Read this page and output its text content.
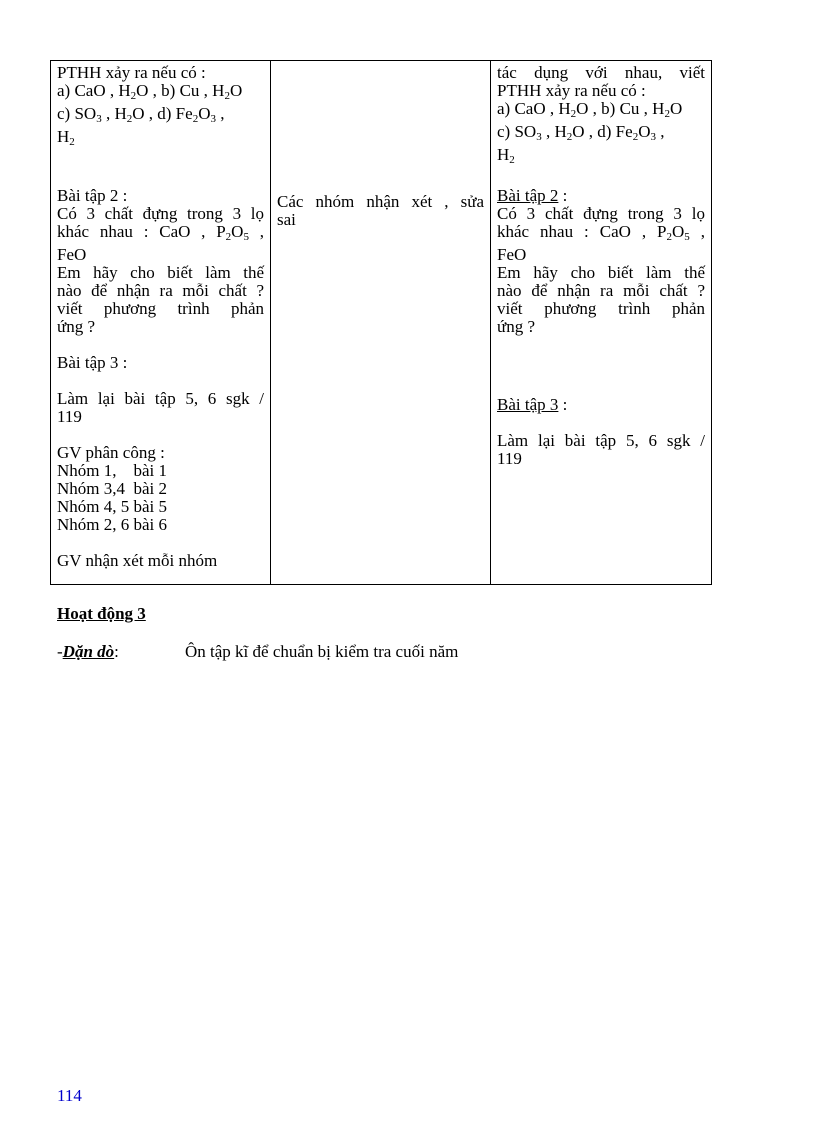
PTHH xảy ra nếu có :
a) CaO , $H_2O$ , b) Cu , $H_2O$
c) $SO_3$ , $H_2O$ , d) $Fe_2O_3$ ,
$H_2$
Bài tập 2 :
Có 3 chất đựng trong 3 lọ
khác nhau : CaO , $P_2O_5$ ,
FeO
Em hãy cho biết làm thế
nào để nhận ra mỗi chất ?
viết phương trình phản
ứng ?
Bài tập 3 :
Làm lại bài tập 5, 6 sgk /
119
GV phân công :
Nhóm 1,    bài 1
Nhóm 3,4  bài 2
Nhóm 4, 5 bài 5
Nhóm 2, 6 bài 6
GV nhận xét mỗi nhóm

Các nhóm nhận xét , sửa
sai

tác dụng với nhau, viết
PTHH xảy ra nếu có :
a) CaO , $H_2O$ , b) Cu , $H_2O$
c) $SO_3$ , $H_2O$ , d) $Fe_2O_3$ ,
$H_2$
Bài tập 2 :
Có 3 chất đựng trong 3 lọ
khác nhau : CaO , $P_2O_5$ ,
FeO
Em hãy cho biết làm thế
nào để nhận ra mỗi chất ?
viết phương trình phản
ứng ?
Bài tập 3 :
Làm lại bài tập 5, 6 sgk /
119
Hoạt động 3
-Dặn dò:	Ôn tập kĩ để chuẩn bị kiểm tra cuối năm
114
